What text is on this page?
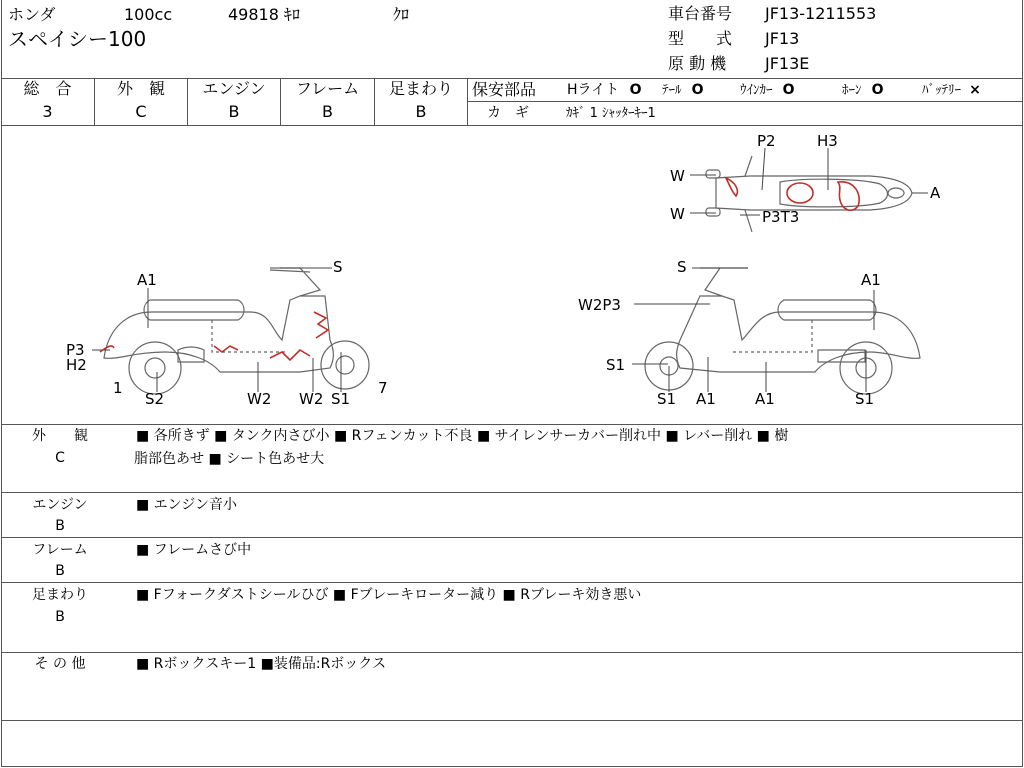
ホンダ	100cc	49818 ｷﾛ	ｸﾛ
スペイシー100
車台番号 JF13-1211553
型　　式 JF13
原 動 機 JF13E
総　合
3
外　観
C
エンジン
B
フレーム
B
足まわり
B
保安部品 Hライト O ﾃｰﾙ O	ｳｲﾝｶｰ O	ﾎｰﾝ O	ﾊﾞｯﾃﾘｰ ×
カ　ギ	ｶｷﾞ 1 ｼｬｯﾀｰｷｰ1
P2	H3
W
W	P3T3
A
S
A1
P3
H2
1
S2	W2 W2 S1
7
S
W2P3
A1
S1
S1 A1	A1	S1
外　　観
C
■ 各所きず ■ タンク内さび小 ■ Rフェンカット不良 ■ サイレンサーカバー削れ中 ■ レバー削れ ■ 樹
脂部色あせ ■ シート色あせ大
エンジン
B
■ エンジン音小
フレーム
B
■ フレームさび中
足まわり
B
■ Fフォークダストシールひび ■ Fブレーキローター減り ■ Rブレーキ効き悪い
そ の 他	■ Rボックスキー1 ■装備品:Rボックス
